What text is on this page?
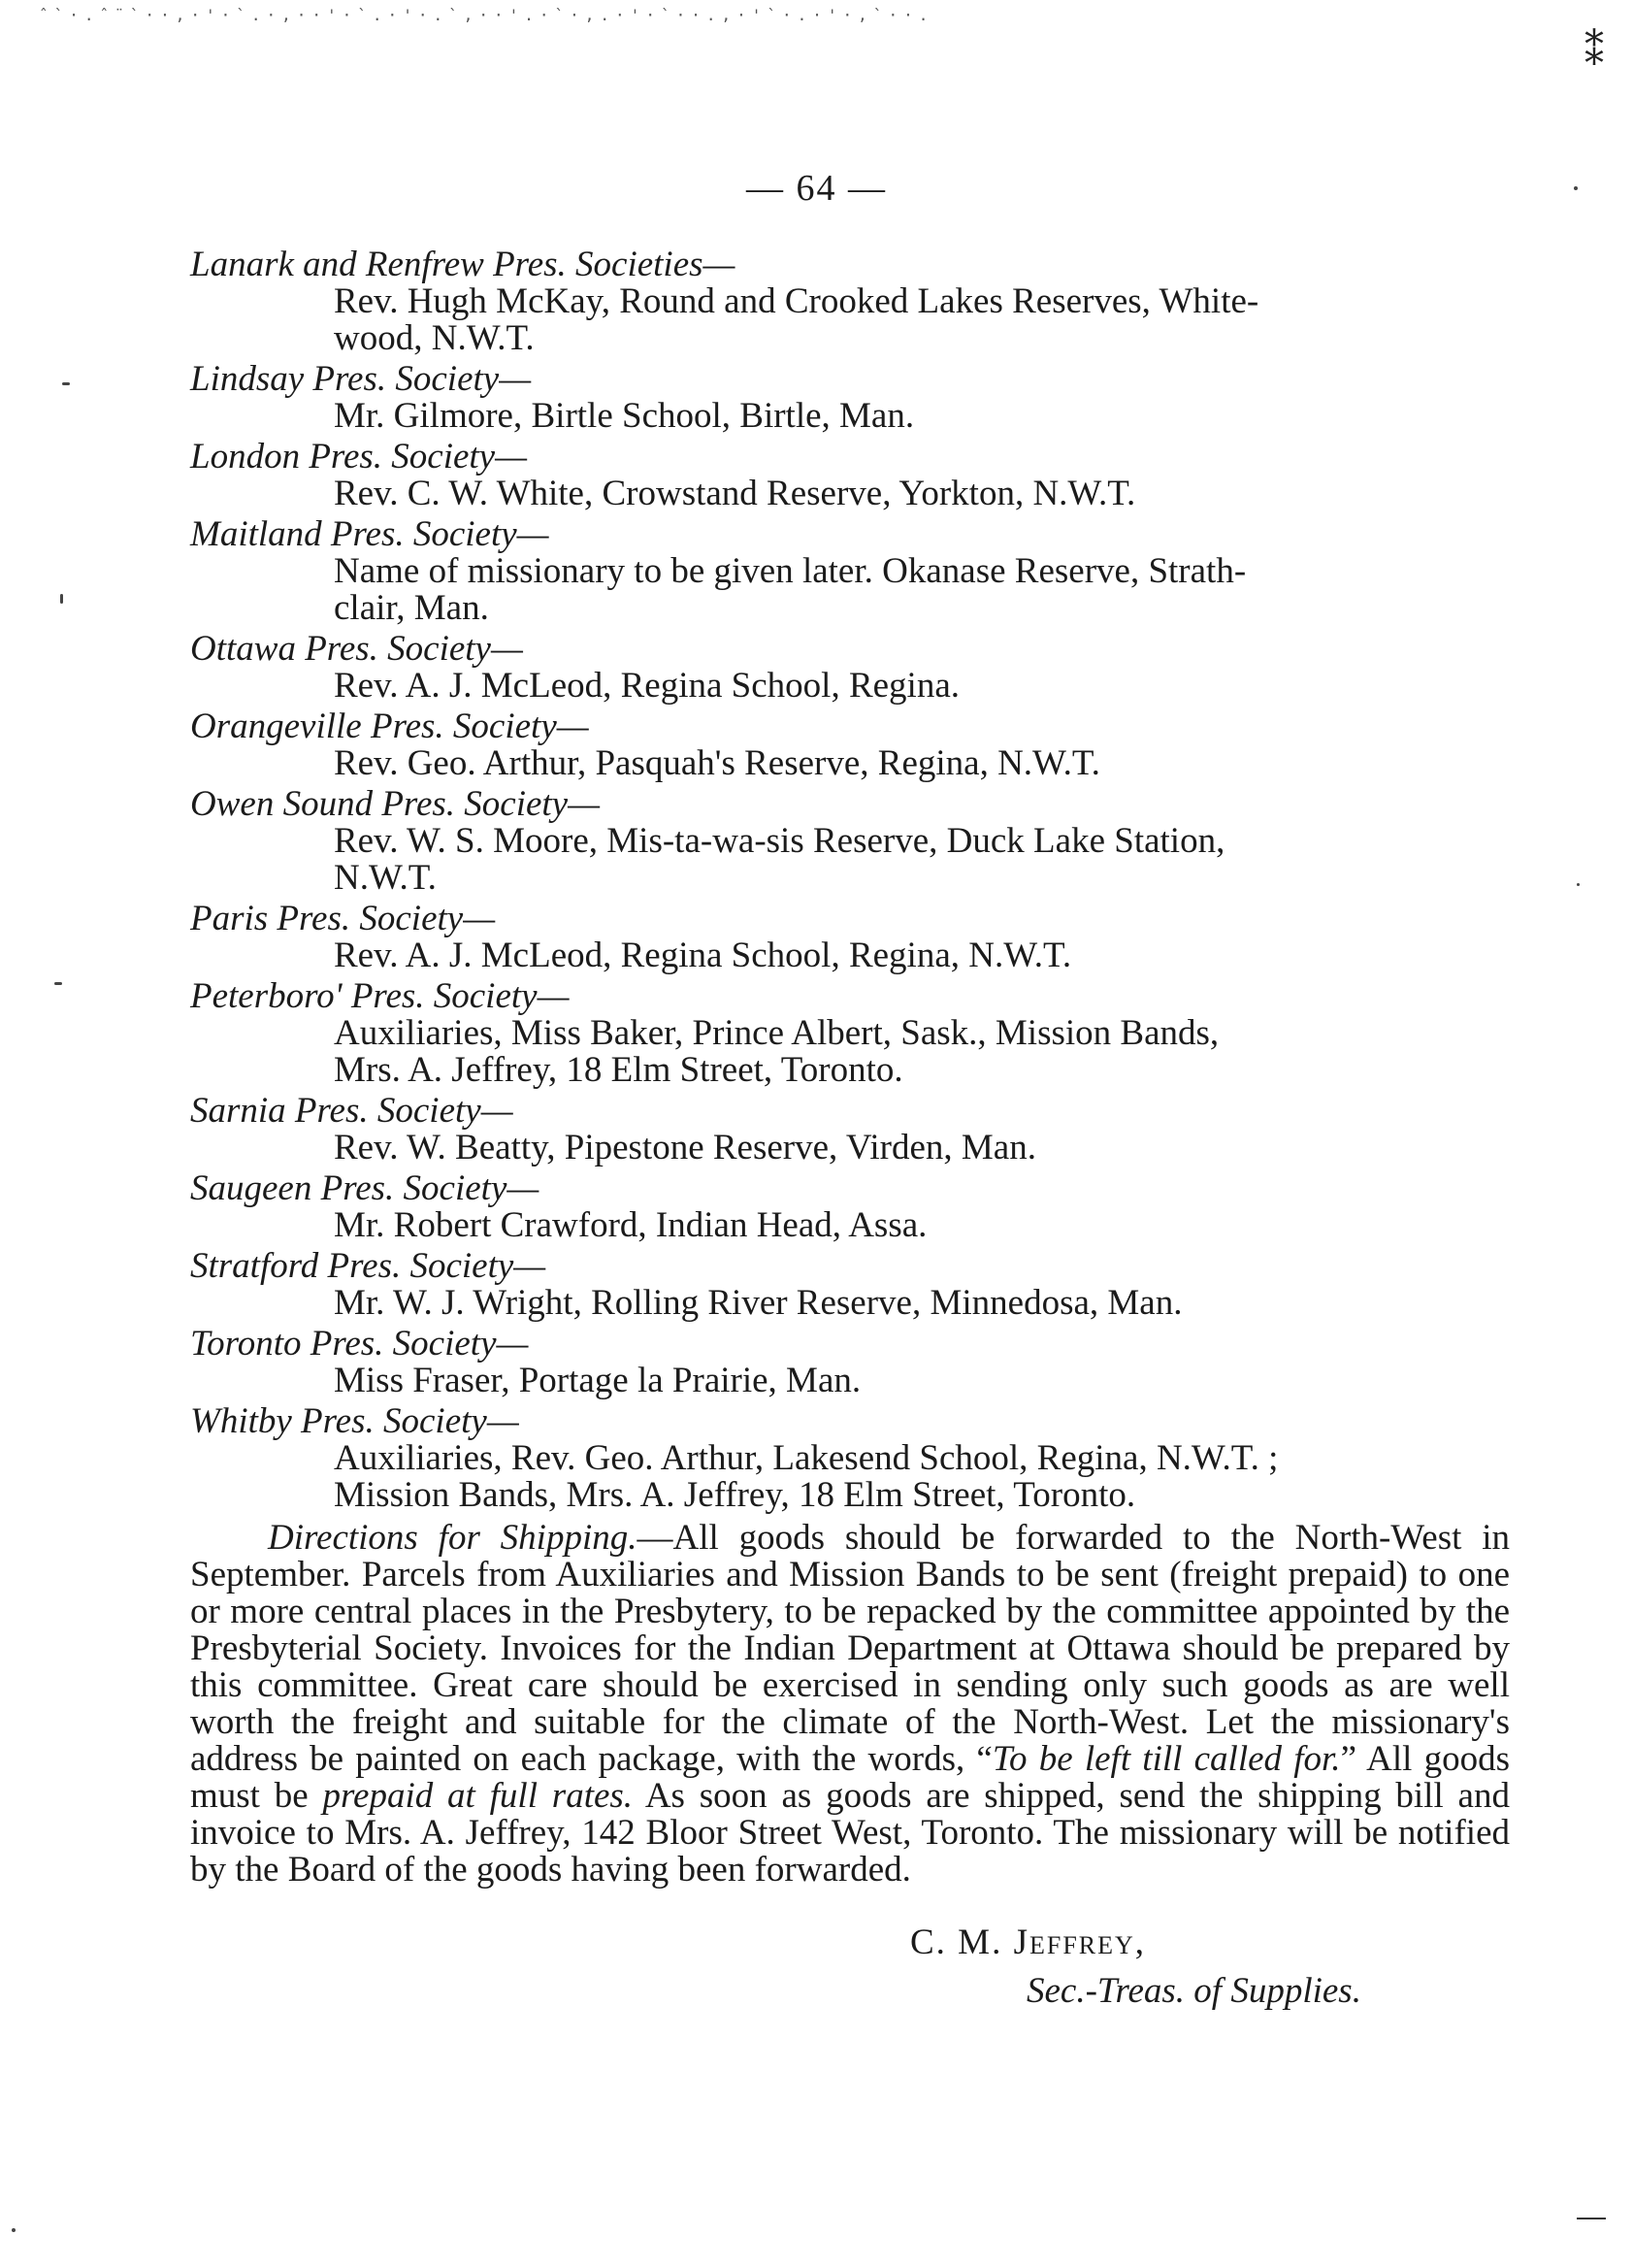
ˆ`·.ˆ¨`··,·'·`.·,··'·`.·'·.`,··'.·`·,.·'·`··.,·'`·.·'·,`··.
⁑
— 64 —
Lanark and Renfrew Pres. Societies—
Rev. Hugh McKay, Round and Crooked Lakes Reserves, White-
wood, N.W.T.
Lindsay Pres. Society—
Mr. Gilmore, Birtle School, Birtle, Man.
London Pres. Society—
Rev. C. W. White, Crowstand Reserve, Yorkton, N.W.T.
Maitland Pres. Society—
Name of missionary to be given later. Okanase Reserve, Strath-
clair, Man.
Ottawa Pres. Society—
Rev. A. J. McLeod, Regina School, Regina.
Orangeville Pres. Society—
Rev. Geo. Arthur, Pasquah's Reserve, Regina, N.W.T.
Owen Sound Pres. Society—
Rev. W. S. Moore, Mis-ta-wa-sis Reserve, Duck Lake Station,
N.W.T.
Paris Pres. Society—
Rev. A. J. McLeod, Regina School, Regina, N.W.T.
Peterboro' Pres. Society—
Auxiliaries, Miss Baker, Prince Albert, Sask., Mission Bands,
Mrs. A. Jeffrey, 18 Elm Street, Toronto.
Sarnia Pres. Society—
Rev. W. Beatty, Pipestone Reserve, Virden, Man.
Saugeen Pres. Society—
Mr. Robert Crawford, Indian Head, Assa.
Stratford Pres. Society—
Mr. W. J. Wright, Rolling River Reserve, Minnedosa, Man.
Toronto Pres. Society—
Miss Fraser, Portage la Prairie, Man.
Whitby Pres. Society—
Auxiliaries, Rev. Geo. Arthur, Lakesend School, Regina, N.W.T. ;
Mission Bands, Mrs. A. Jeffrey, 18 Elm Street, Toronto.

Directions for Shipping.—All goods should be forwarded to the North-West in September. Parcels from Auxiliaries and Mission Bands to be sent (freight prepaid) to one or more central places in the Presbytery, to be repacked by the committee appointed by the Presbyterial Society. Invoices for the Indian Department at Ottawa should be prepared by this committee. Great care should be exercised in sending only such goods as are well worth the freight and suitable for the climate of the North-West. Let the missionary's address be painted on each package, with the words, “To be left till called for.” All goods must be prepaid at full rates. As soon as goods are shipped, send the shipping bill and invoice to Mrs. A. Jeffrey, 142 Bloor Street West, Toronto. The missionary will be notified by the Board of the goods having been forwarded.

C. M. Jeffrey,
Sec.-Treas. of Supplies.
